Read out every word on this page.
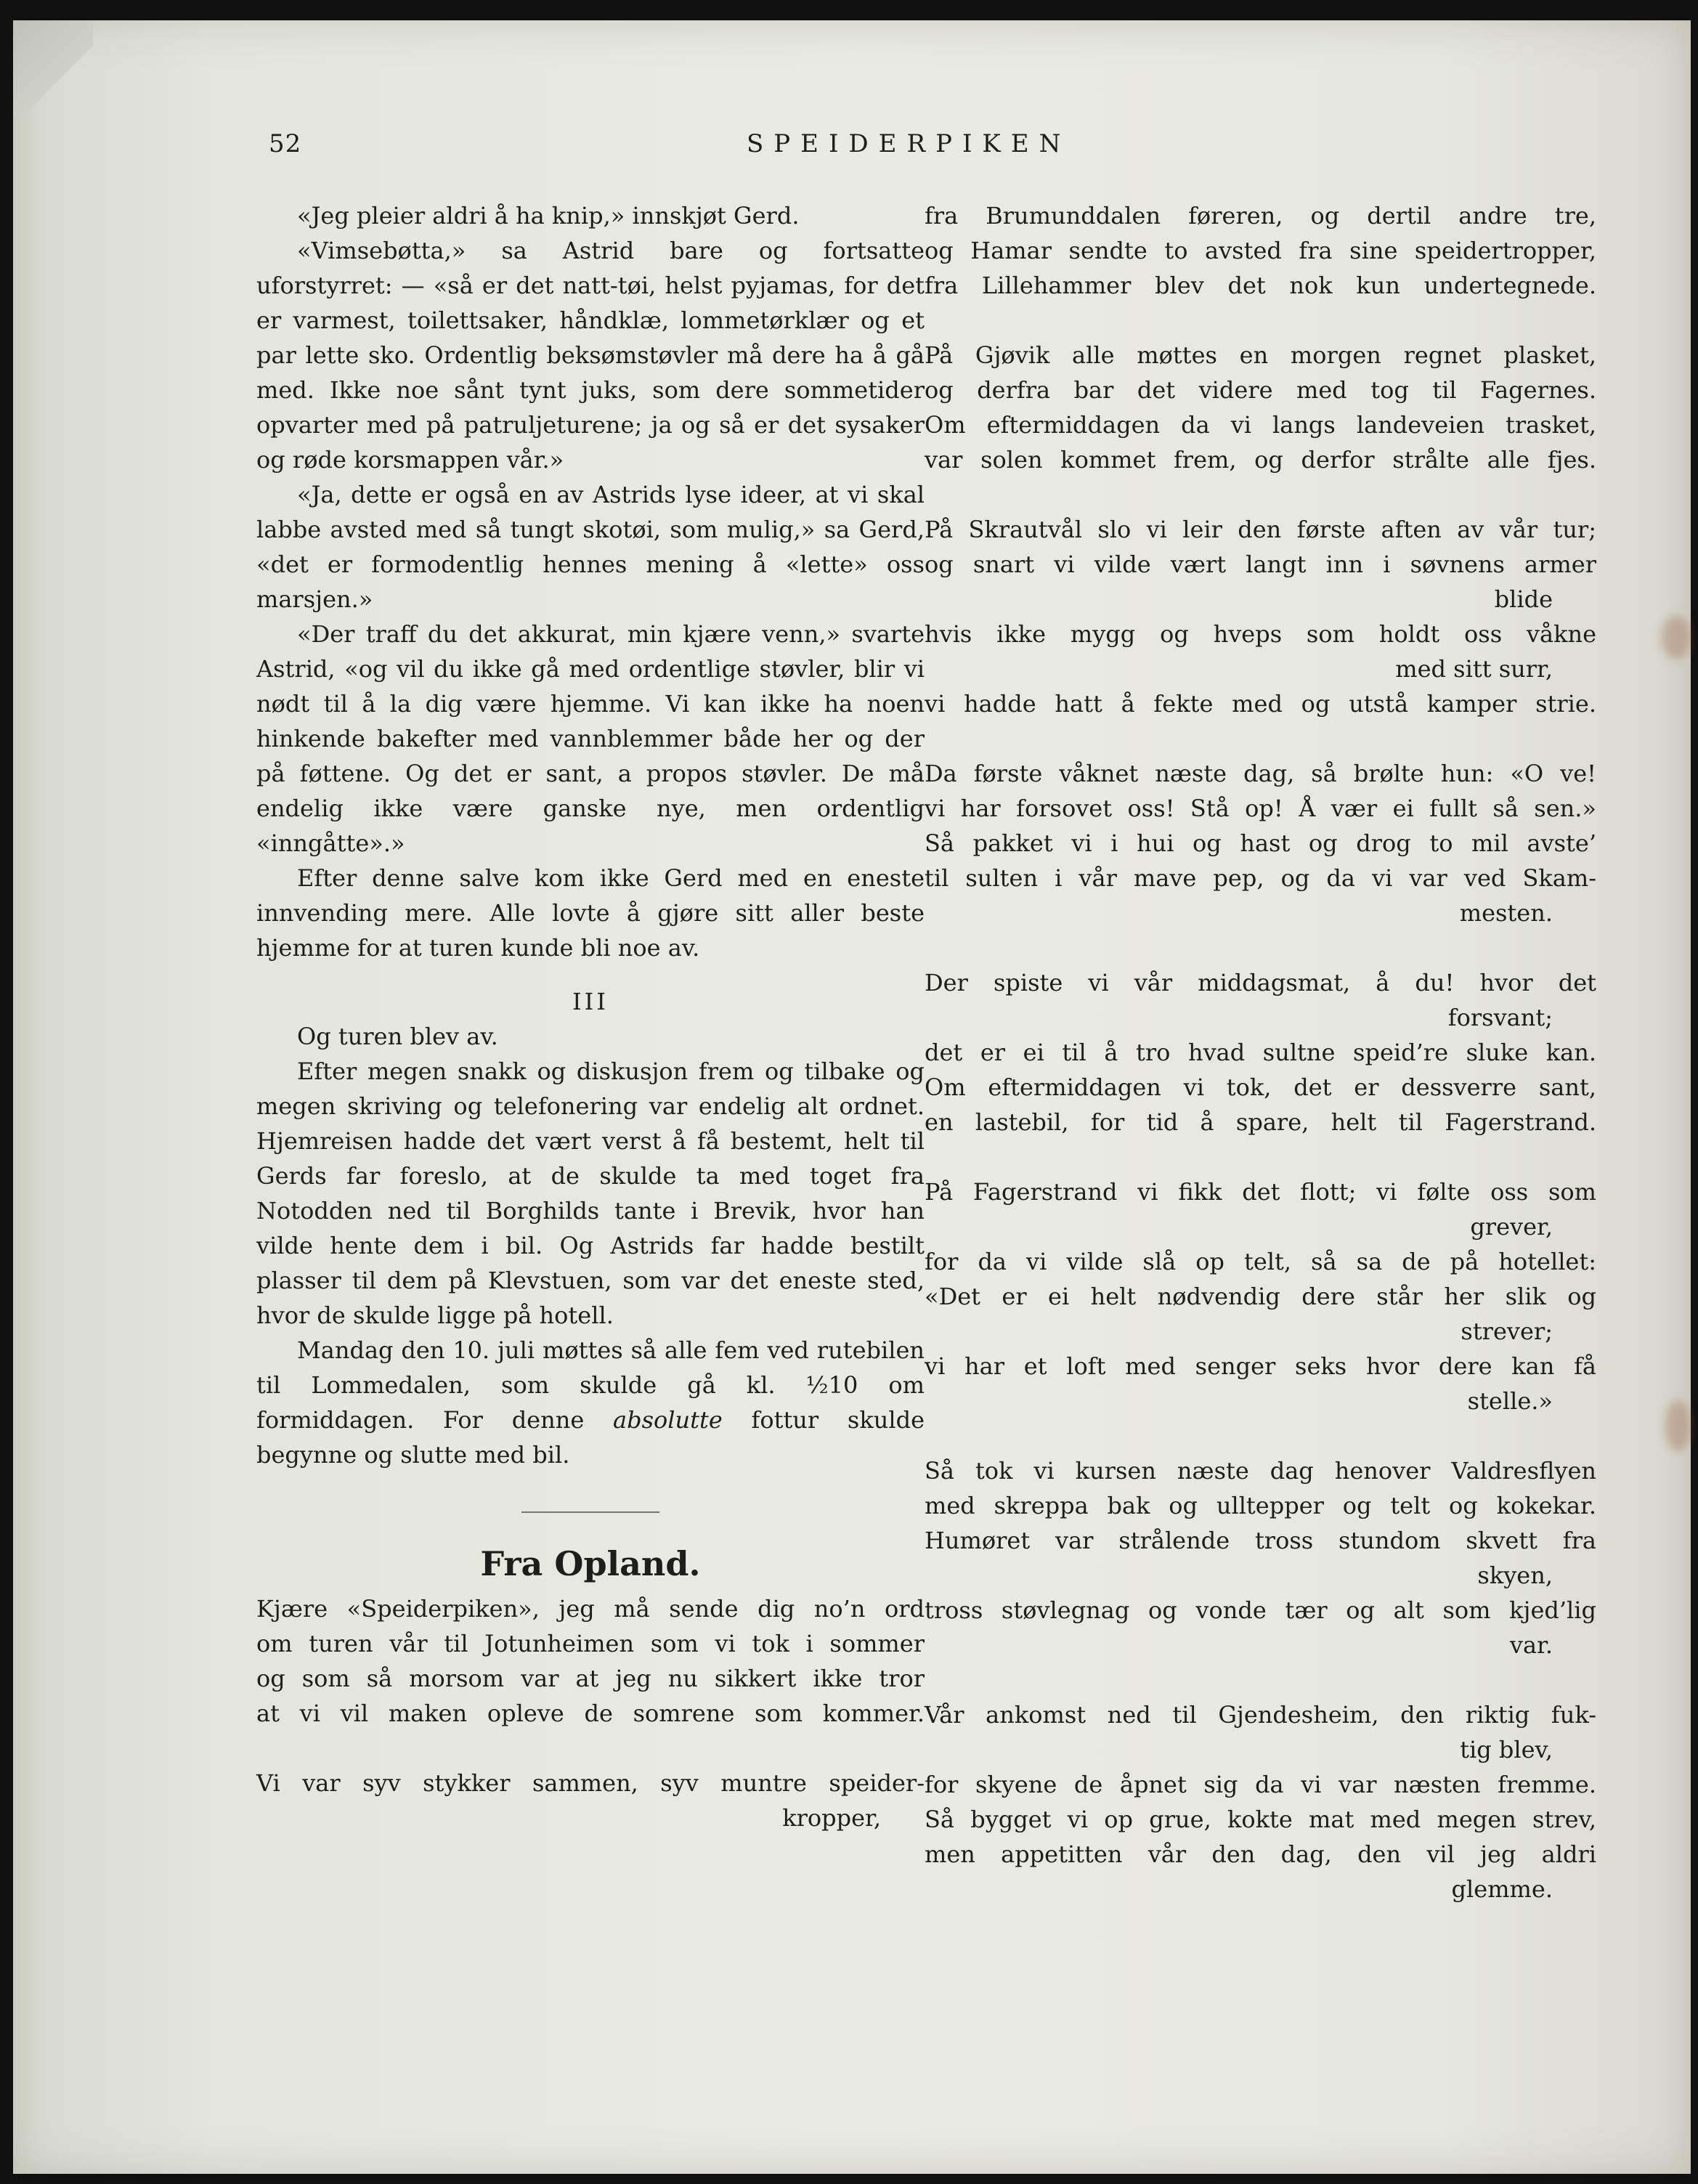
52	SPEIDERPIKEN

«Jeg pleier aldri å ha knip,» innskjøt Gerd.

«Vimsebøtta,» sa Astrid bare og fortsatte uforstyrret: — «så er det natt-tøi, helst pyjamas, for det er varmest, toilettsaker, håndklæ, lommetørklær og et par lette sko. Ordentlig beksømstøvler må dere ha å gå med. Ikke noe sånt tynt juks, som dere sommetider opvarter med på patruljeturene; ja og så er det sysaker og røde korsmappen vår.»

«Ja, dette er også en av Astrids lyse ideer, at vi skal labbe avsted med så tungt skotøi, som mulig,» sa Gerd, «det er formodentlig hennes mening å «lette» oss marsjen.»

«Der traff du det akkurat, min kjære venn,» svarte Astrid, «og vil du ikke gå med ordentlige støvler, blir vi nødt til å la dig være hjemme. Vi kan ikke ha noen hinkende bakefter med vannblemmer både her og der på føttene. Og det er sant, a propos støvler. De må endelig ikke være ganske nye, men ordentlig «inngåtte».»

Efter denne salve kom ikke Gerd med en eneste innvending mere. Alle lovte å gjøre sitt aller beste hjemme for at turen kunde bli noe av.

III

Og turen blev av.

Efter megen snakk og diskusjon frem og tilbake og megen skriving og telefonering var endelig alt ordnet. Hjemreisen hadde det vært verst å få bestemt, helt til Gerds far foreslo, at de skulde ta med toget fra Notodden ned til Borghilds tante i Brevik, hvor han vilde hente dem i bil. Og Astrids far hadde bestilt plasser til dem på Klevstuen, som var det eneste sted, hvor de skulde ligge på hotell.

Mandag den 10. juli møttes så alle fem ved rutebilen til Lommedalen, som skulde gå kl. ½10 om formiddagen. For denne absolutte fottur skulde begynne og slutte med bil.

Fra Opland.

Kjære «Speiderpiken», jeg må sende dig no’n ord
om turen vår til Jotunheimen som vi tok i sommer
og som så morsom var at jeg nu sikkert ikke tror
at vi vil maken opleve de somrene som kommer.
Vi var syv stykker sammen, syv muntre speider-
kropper,
fra Brumunddalen føreren, og dertil andre tre,
og Hamar sendte to avsted fra sine speidertropper,
fra Lillehammer blev det nok kun undertegnede.
På Gjøvik alle møttes en morgen regnet plasket,
og derfra bar det videre med tog til Fagernes.
Om eftermiddagen da vi langs landeveien trasket,
var solen kommet frem, og derfor strålte alle fjes.
På Skrautvål slo vi leir den første aften av vår tur;
og snart vi vilde vært langt inn i søvnens armer
blide
hvis ikke mygg og hveps som holdt oss våkne
med sitt surr,
vi hadde hatt å fekte med og utstå kamper strie.
Da første våknet næste dag, så brølte hun: «O ve!
vi har forsovet oss! Stå op! Å vær ei fullt så sen.»
Så pakket vi i hui og hast og drog to mil avste’
til sulten i vår mave pep, og da vi var ved Skam-
mesten.
Der spiste vi vår middagsmat, å du! hvor det
forsvant;
det er ei til å tro hvad sultne speid’re sluke kan.
Om eftermiddagen vi tok, det er dessverre sant,
en lastebil, for tid å spare, helt til Fagerstrand.
På Fagerstrand vi fikk det flott; vi følte oss som
grever,
for da vi vilde slå op telt, så sa de på hotellet:
«Det er ei helt nødvendig dere står her slik og
strever;
vi har et loft med senger seks hvor dere kan få
stelle.»
Så tok vi kursen næste dag henover Valdresflyen
med skreppa bak og ulltepper og telt og kokekar.
Humøret var strålende tross stundom skvett fra
skyen,
tross støvlegnag og vonde tær og alt som kjed’lig
var.
Vår ankomst ned til Gjendesheim, den riktig fuk-
tig blev,
for skyene de åpnet sig da vi var næsten fremme.
Så bygget vi op grue, kokte mat med megen strev,
men appetitten vår den dag, den vil jeg aldri
glemme.
